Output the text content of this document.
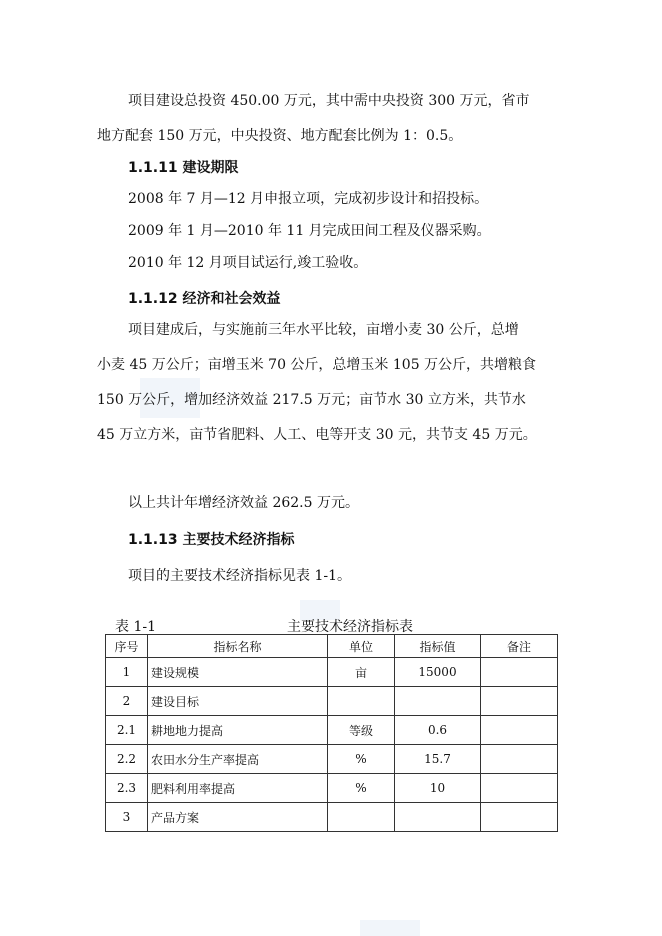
项目建设总投资 450.00 万元，其中需中央投资 300 万元，省市
地方配套 150 万元，中央投资、地方配套比例为 1：0.5。
1.1.11 建设期限
2008 年 7 月—12 月申报立项，完成初步设计和招投标。
2009 年 1 月—2010 年 11 月完成田间工程及仪器采购。
2010 年 12 月项目试运行,竣工验收。
1.1.12 经济和社会效益
项目建成后，与实施前三年水平比较，亩增小麦 30 公斤，总增
小麦 45 万公斤；亩增玉米 70 公斤，总增玉米 105 万公斤，共增粮食
150 万公斤，增加经济效益 217.5 万元；亩节水 30 立方米，共节水
45 万立方米，亩节省肥料、人工、电等开支 30 元，共节支 45 万元。
以上共计年增经济效益 262.5 万元。
1.1.13 主要技术经济指标
项目的主要技术经济指标见表 1-1。
表 1-1	主要技术经济指标表
序号	指标名称	单位	指标值	备注
1	建设规模	亩	15000	
2	建设目标			
2.1	耕地地力提高	等级	0.6	
2.2	农田水分生产率提高	%	15.7	
2.3	肥料利用率提高	%	10	
3	产品方案			
